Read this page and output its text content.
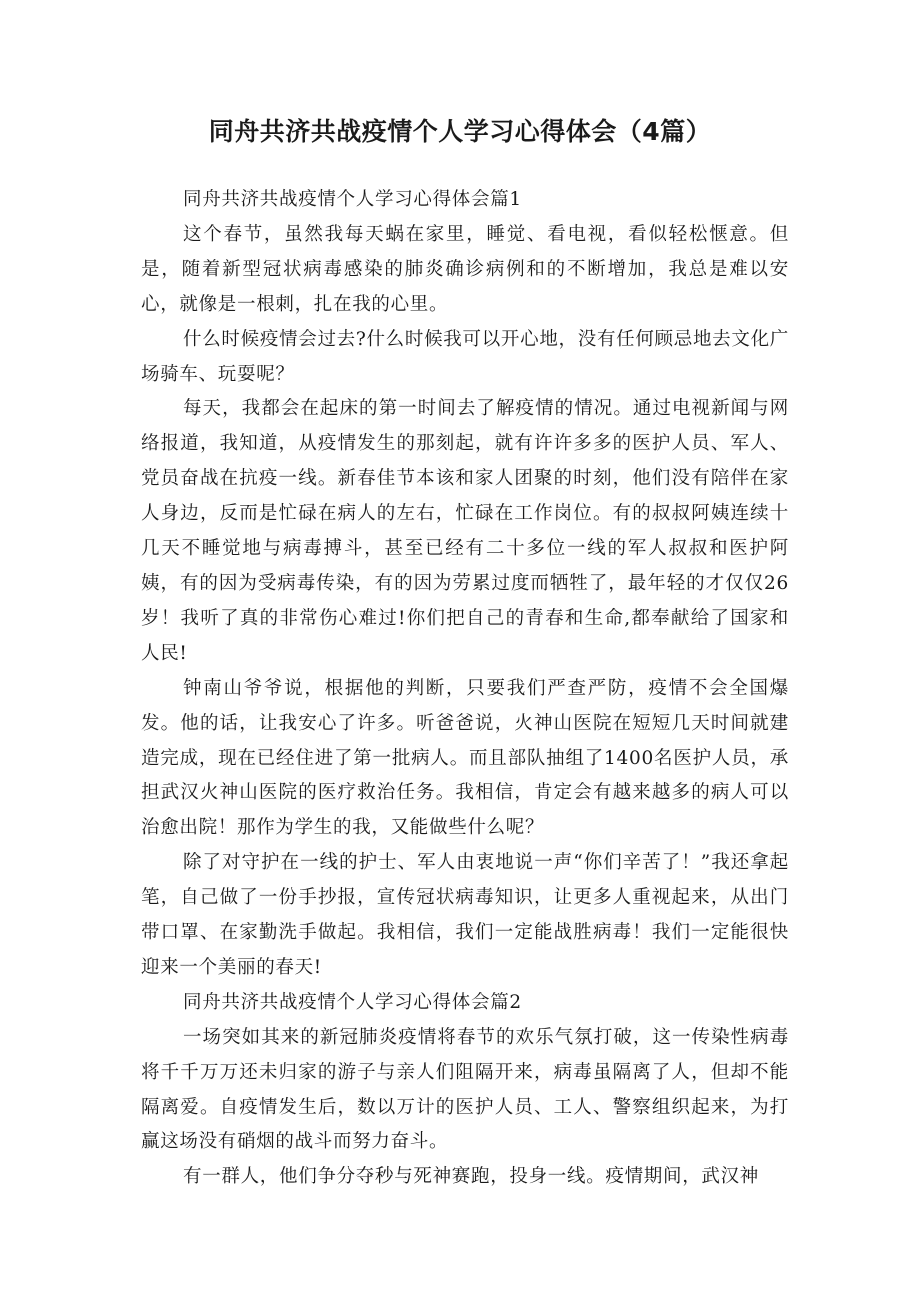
同舟共济共战疫情个人学习心得体会（4篇）

同舟共济共战疫情个人学习心得体会篇1

这个春节，虽然我每天蜗在家里，睡觉、看电视，看似轻松惬意。但是，随着新型冠状病毒感染的肺炎确诊病例和的不断增加，我总是难以安心，就像是一根刺，扎在我的心里。

什么时候疫情会过去?什么时候我可以开心地，没有任何顾忌地去文化广场骑车、玩耍呢？

每天，我都会在起床的第一时间去了解疫情的情况。通过电视新闻与网络报道，我知道，从疫情发生的那刻起，就有许许多多的医护人员、军人、党员奋战在抗疫一线。新春佳节本该和家人团聚的时刻，他们没有陪伴在家人身边，反而是忙碌在病人的左右，忙碌在工作岗位。有的叔叔阿姨连续十几天不睡觉地与病毒搏斗，甚至已经有二十多位一线的军人叔叔和医护阿姨，有的因为受病毒传染，有的因为劳累过度而牺牲了，最年轻的才仅仅26岁！我听了真的非常伤心难过!你们把自己的青春和生命,都奉献给了国家和人民!

钟南山爷爷说，根据他的判断，只要我们严查严防，疫情不会全国爆发。他的话，让我安心了许多。听爸爸说，火神山医院在短短几天时间就建造完成，现在已经住进了第一批病人。而且部队抽组了1400名医护人员，承担武汉火神山医院的医疗救治任务。我相信，肯定会有越来越多的病人可以治愈出院！那作为学生的我，又能做些什么呢？

除了对守护在一线的护士、军人由衷地说一声“你们辛苦了！”我还拿起笔，自己做了一份手抄报，宣传冠状病毒知识，让更多人重视起来，从出门带口罩、在家勤洗手做起。我相信，我们一定能战胜病毒！我们一定能很快迎来一个美丽的春天!

同舟共济共战疫情个人学习心得体会篇2

一场突如其来的新冠肺炎疫情将春节的欢乐气氛打破，这一传染性病毒将千千万万还未归家的游子与亲人们阻隔开来，病毒虽隔离了人，但却不能隔离爱。自疫情发生后，数以万计的医护人员、工人、警察组织起来，为打赢这场没有硝烟的战斗而努力奋斗。

有一群人，他们争分夺秒与死神赛跑，投身一线。疫情期间，武汉神
